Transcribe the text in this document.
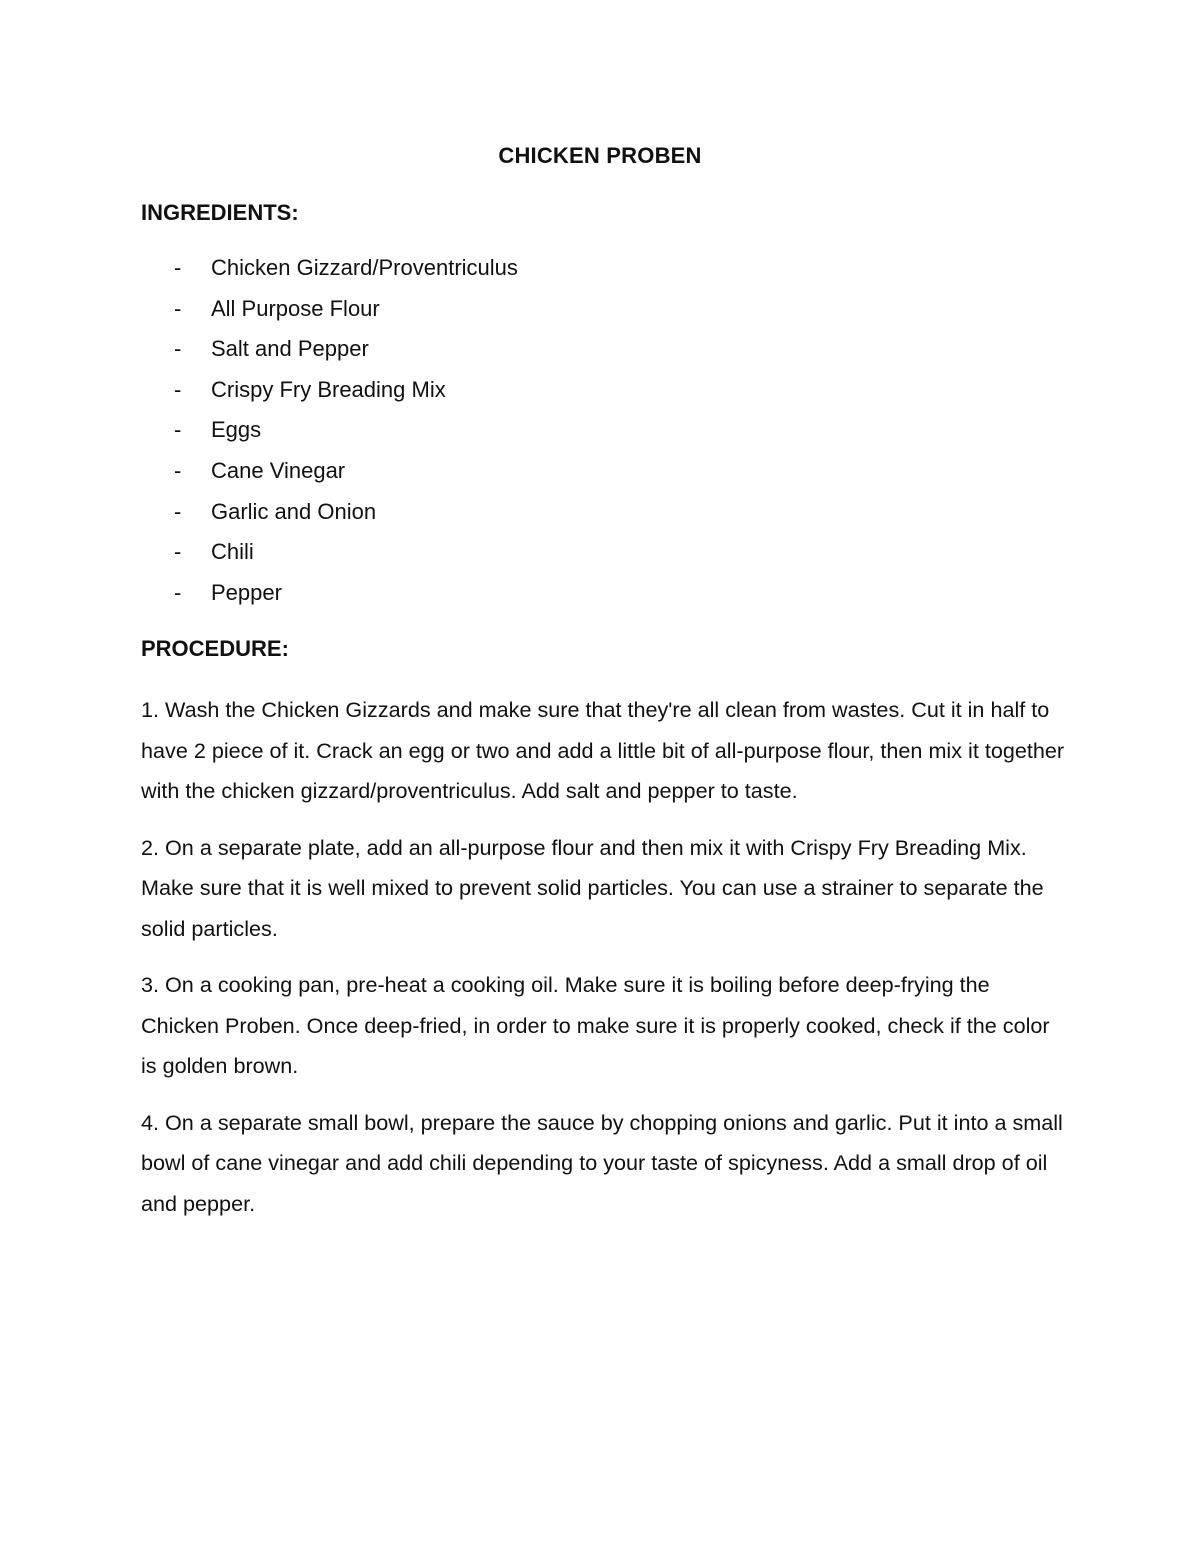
CHICKEN PROBEN
INGREDIENTS:
- Chicken Gizzard/Proventriculus
- All Purpose Flour
- Salt and Pepper
- Crispy Fry Breading Mix
- Eggs
- Cane Vinegar
- Garlic and Onion
- Chili
- Pepper
PROCEDURE:

1. Wash the Chicken Gizzards and make sure that they're all clean from wastes. Cut it in half to have 2 piece of it. Crack an egg or two and add a little bit of all-purpose flour, then mix it together with the chicken gizzard/proventriculus. Add salt and pepper to taste.

2. On a separate plate, add an all-purpose flour and then mix it with Crispy Fry Breading Mix. Make sure that it is well mixed to prevent solid particles. You can use a strainer to separate the solid particles.

3. On a cooking pan, pre-heat a cooking oil. Make sure it is boiling before deep-frying the Chicken Proben. Once deep-fried, in order to make sure it is properly cooked, check if the color is golden brown.

4. On a separate small bowl, prepare the sauce by chopping onions and garlic. Put it into a small bowl of cane vinegar and add chili depending to your taste of spicyness. Add a small drop of oil and pepper.
